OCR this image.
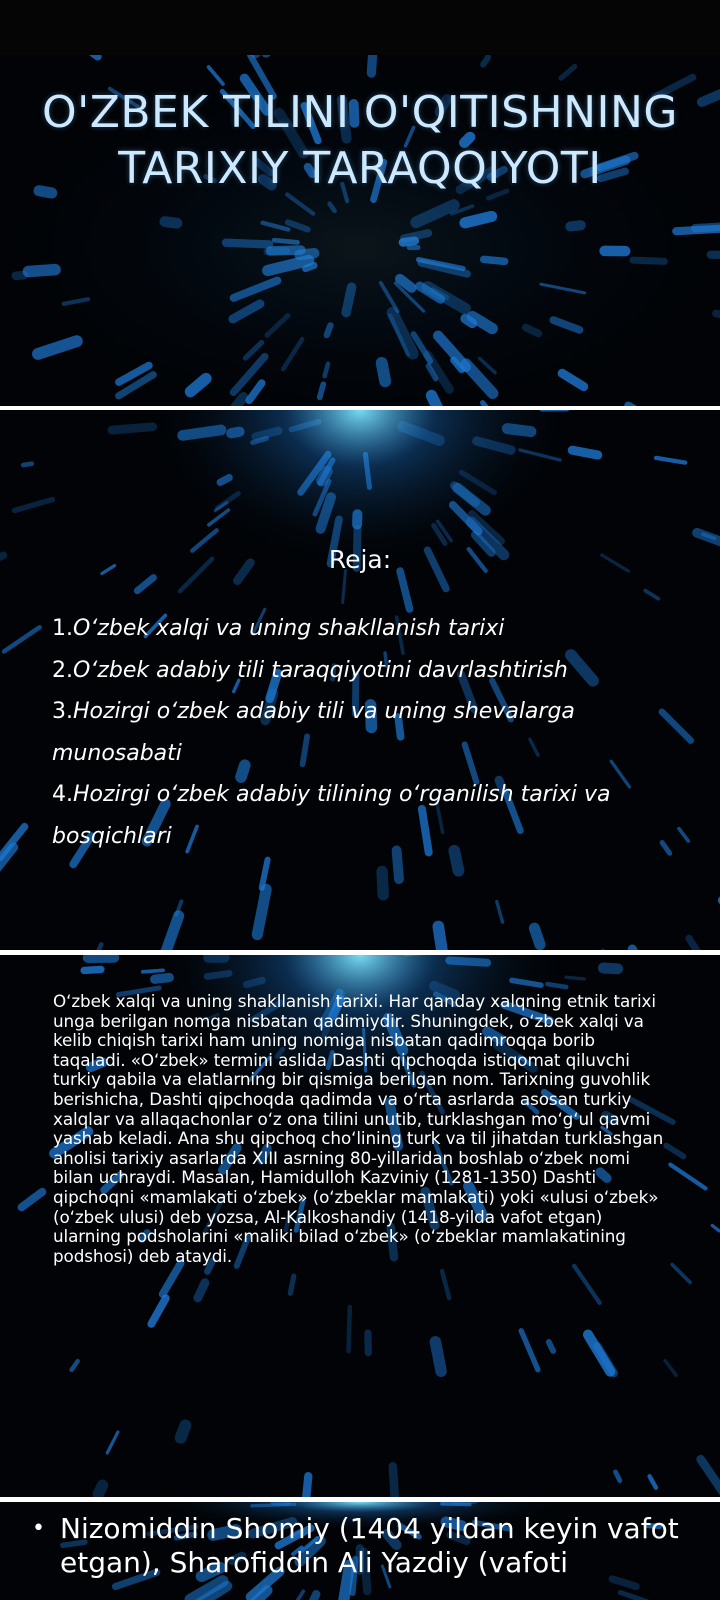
O'ZBEK TILINI O'QITISHNING TARIXIY TARAQQIYOTI
Reja:
1.O‘zbek xalqi va uning shakllanish tarixi
2.O‘zbek adabiy tili taraqqiyotini davrlashtirish
3.Hozirgi o‘zbek adabiy tili va uning shevalarga munosabati
4.Hozirgi o‘zbek adabiy tilining o‘rganilish tarixi va bosqichlari
O‘zbek xalqi va uning shakllanish tarixi. Har qanday xalqning etnik tarixi unga berilgan nomga nisbatan qadimiydir. Shuningdek, o‘zbek xalqi va kelib chiqish tarixi ham uning nomiga nisbatan qadimroqqa borib taqaladi. «O‘zbek» termini aslida Dashti qipchoqda istiqomat qiluvchi turkiy qabila va elatlarning bir qismiga berilgan nom. Tarixning guvohlik berishicha, Dashti qipchoqda qadimda va o‘rta asrlarda asosan turkiy xalqlar va allaqachonlar o‘z ona tilini unutib, turklashgan mo‘g‘ul qavmi yashab keladi. Ana shu qipchoq cho‘lining turk va til jihatdan turklashgan aholisi tarixiy asarlarda XIII asrning 80-yillaridan boshlab o‘zbek nomi bilan uchraydi. Masalan, Hamidulloh Kazviniy (1281-1350) Dashti qipchoqni «mamlakati o‘zbek» (o‘zbeklar mamlakati) yoki «ulusi o‘zbek» (o‘zbek ulusi) deb yozsa, Al-Kalkoshandiy (1418-yilda vafot etgan) ularning podsholarini «maliki bilad o‘zbek» (o‘zbeklar mamlakatining podshosi) deb ataydi.
• Nizomiddin Shomiy (1404 yildan keyin vafot etgan), Sharofiddin Ali Yazdiy (vafoti
